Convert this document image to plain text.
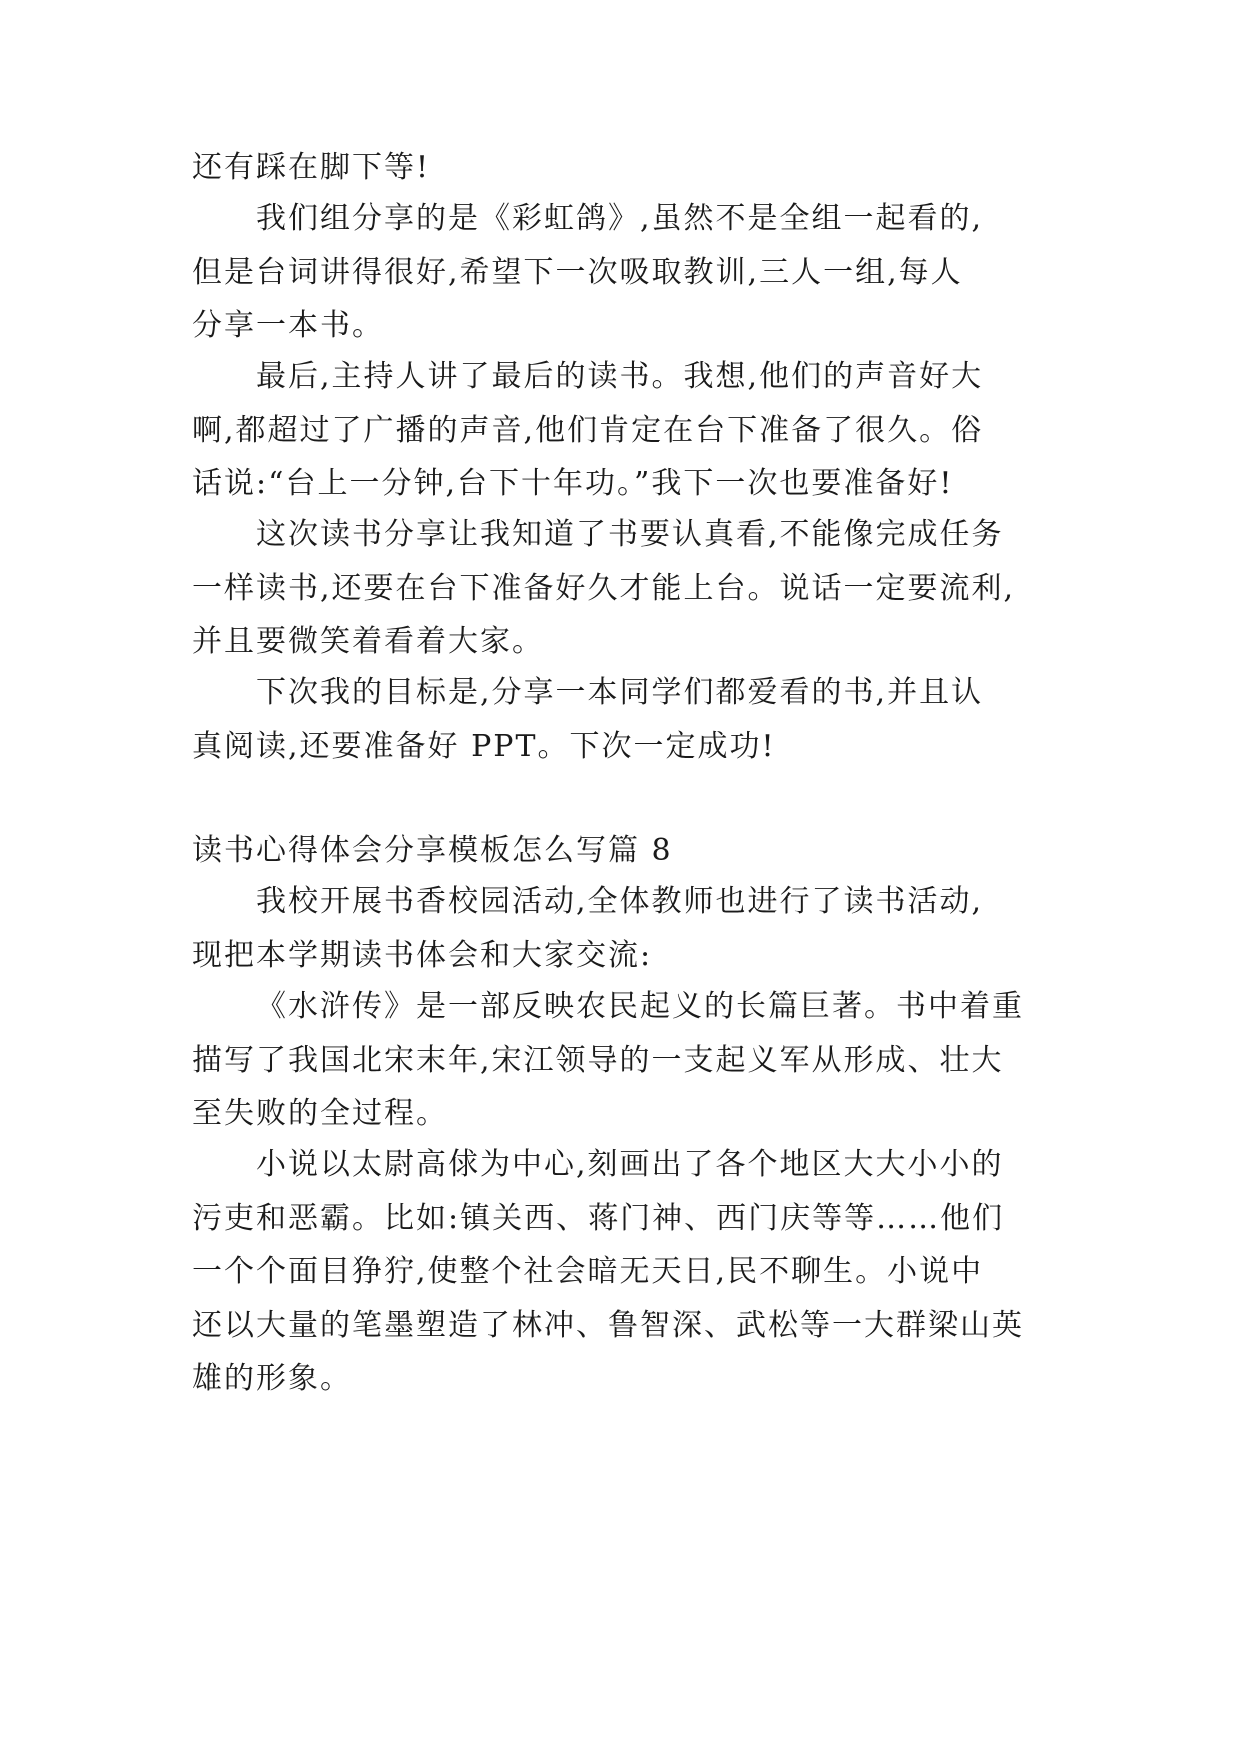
还有踩在脚下等!
我们组分享的是《彩虹鸽》,虽然不是全组一起看的,
但是台词讲得很好,希望下一次吸取教训,三人一组,每人
分享一本书。
最后,主持人讲了最后的读书。我想,他们的声音好大
啊,都超过了广播的声音,他们肯定在台下准备了很久。俗
话说:“台上一分钟,台下十年功。”我下一次也要准备好!
这次读书分享让我知道了书要认真看,不能像完成任务
一样读书,还要在台下准备好久才能上台。说话一定要流利,
并且要微笑着看着大家。
下次我的目标是,分享一本同学们都爱看的书,并且认
真阅读,还要准备好 PPT。下次一定成功!
读书心得体会分享模板怎么写篇 8
我校开展书香校园活动,全体教师也进行了读书活动,
现把本学期读书体会和大家交流:
《水浒传》是一部反映农民起义的长篇巨著。书中着重
描写了我国北宋末年,宋江领导的一支起义军从形成、壮大
至失败的全过程。
小说以太尉高俅为中心,刻画出了各个地区大大小小的
污吏和恶霸。比如:镇关西、蒋门神、西门庆等等……他们
一个个面目狰狞,使整个社会暗无天日,民不聊生。小说中
还以大量的笔墨塑造了林冲、鲁智深、武松等一大群梁山英
雄的形象。
